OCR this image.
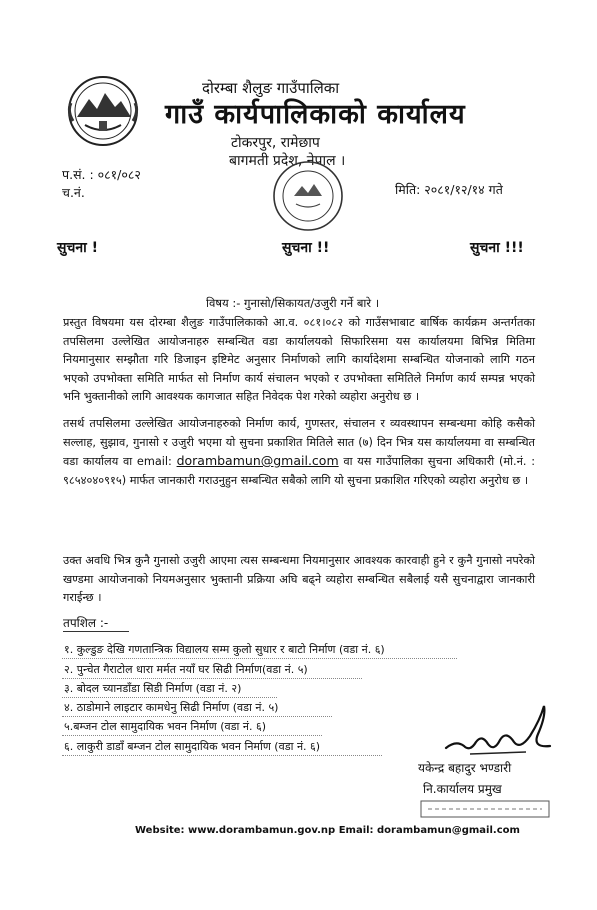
दोरम्बा शैलुङ गाउँपालिका
गाउँ कार्यपालिकाको कार्यालय
टोकरपुर, रामेछाप
बागमती प्रदेश, नेपाल ।
प.सं. : ०८१/०८२
च.नं.	मिति: २०८१/१२/१४ गते
सुचना !	सुचना !!	सुचना !!!
विषय :- गुनासो/सिकायत/उजुरी गर्ने बारे ।
प्रस्तुत विषयमा यस दोरम्बा शैलुङ गाउँपालिकाको आ.व. ०८१।०८२ को गाउँसभाबाट बार्षिक कार्यक्रम अन्तर्गतका तपसिलमा उल्लेखित आयोजनाहरु सम्बन्धित वडा कार्यालयको सिफारिसमा यस कार्यालयमा बिभिन्न मितिमा नियमानुसार सम्झौता गरि डिजाइन इष्टिमेट अनुसार निर्माणको लागि कार्यादेशमा सम्बन्धित योजनाको लागि गठन भएको उपभोक्ता समिति मार्फत सो निर्माण कार्य संचालन भएको र उपभोक्ता समितिले निर्माण कार्य सम्पन्न भएको भनि भुक्तानीको लागि आवश्यक कागजात सहित निवेदक पेश गरेको व्यहोरा अनुरोध छ ।
तसर्थ तपसिलमा उल्लेखित आयोजनाहरुको निर्माण कार्य, गुणस्तर, संचालन र व्यवस्थापन सम्बन्धमा कोहि कसैको सल्लाह, सुझाव, गुनासो र उजुरी भएमा यो सुचना प्रकाशित मितिले सात (७) दिन भित्र यस कार्यालयमा वा सम्बन्धित वडा कार्यालय वा email: dorambamun@gmail.com वा यस गाउँपालिका सुचना अधिकारी (मो.नं. : ९८५४०४०९१५) मार्फत जानकारी गराउनुहुन सम्बन्धित सबैको लागि यो सुचना प्रकाशित गरिएको व्यहोरा अनुरोध छ ।
उक्त अवधि भित्र कुनै गुनासो उजुरी आएमा त्यस सम्बन्धमा नियमानुसार आवश्यक कारवाही हुने र कुनै गुनासो नपरेको खण्डमा आयोजनाको नियमअनुसार भुक्तानी प्रक्रिया अघि बढ्ने व्यहोरा सम्बन्धित सबैलाई यसै सुचनाद्वारा जानकारी गराईन्छ ।
तपशिल :-
१. कुल्डुङ देखि गणतान्त्रिक विद्यालय सम्म कुलो सुधार र बाटो निर्माण (वडा नं. ६)
२. पुन्चेत गैराटोल धारा मर्मत नयाँ घर सिढी निर्माण(वडा नं. ५)
३. बोदल च्यानडाँडा सिडी निर्माण (वडा नं. २)
४. ठाडोमाने लाइटार कामधेनु सिढी निर्माण (वडा नं. ५)
५.बम्जन टोल सामुदायिक भवन निर्माण (वडा नं. ६)
६. लाकुरी डाडाँ बम्जन टोल सामुदायिक भवन निर्माण (वडा नं. ६)
यकेन्द्र बहादुर भण्डारी
नि.कार्यालय प्रमुख
Website: www.dorambamun.gov.np Email: dorambamun@gmail.com
